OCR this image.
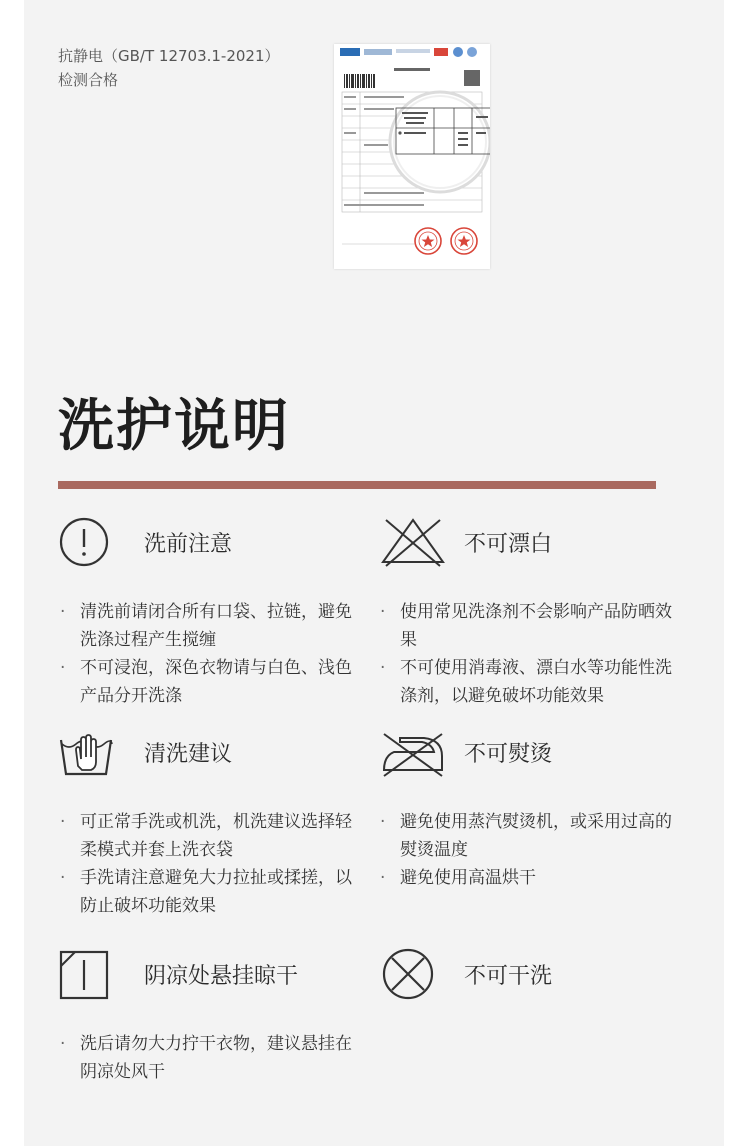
抗静电（GB/T 12703.1-2021）
检测合格
洗护说明
洗前注意
· 清洗前请闭合所有口袋、拉链，避免洗涤过程产生搅缠
· 不可浸泡，深色衣物请与白色、浅色产品分开洗涤
不可漂白
· 使用常见洗涤剂不会影响产品防晒效果
· 不可使用消毒液、漂白水等功能性洗涤剂，以避免破坏功能效果
清洗建议
· 可正常手洗或机洗，机洗建议选择轻柔模式并套上洗衣袋
· 手洗请注意避免大力拉扯或揉搓，以防止破坏功能效果
不可熨烫
· 避免使用蒸汽熨烫机，或采用过高的熨烫温度
· 避免使用高温烘干
阴凉处悬挂晾干
· 洗后请勿大力拧干衣物，建议悬挂在阴凉处风干
不可干洗
